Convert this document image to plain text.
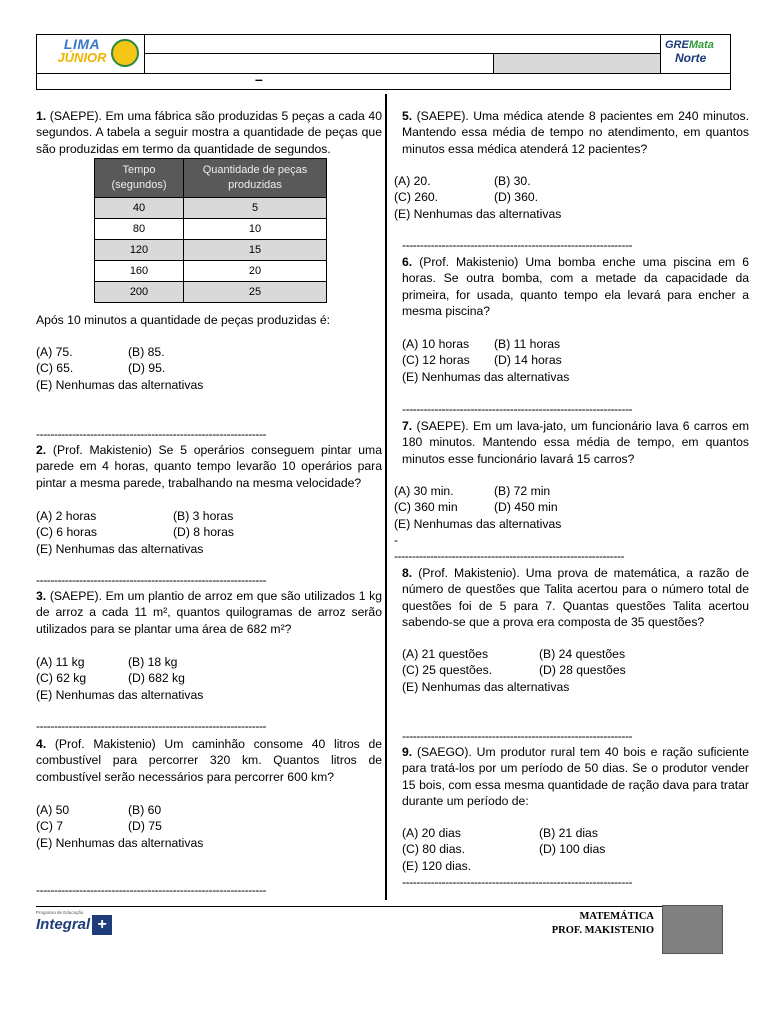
LIMA
JÚNIOR
GREMata
Norte
–

1. (SAEPE). Em uma fábrica são produzidas 5 peças a cada 40 segundos. A tabela a seguir mostra a quantidade de peças que são produzidas em termo da quantidade de segundos.

Tempo (segundos)	Quantidade de peças produzidas
40	5
80	10
120	15
160	20
200	25

Após 10 minutos a quantidade de peças produzidas é:

(A) 75.	(B) 85.
(C) 65.	(D) 95.
(E) Nenhumas das alternativas
----------------------------------------------------------------

2. (Prof. Makistenio) Se 5 operários conseguem pintar uma parede em 4 horas, quanto tempo levarão 10 operários para pintar a mesma parede, trabalhando na mesma velocidade?

(A) 2 horas	(B) 3 horas
(C) 6 horas	(D) 8 horas
(E) Nenhumas das alternativas
----------------------------------------------------------------

3. (SAEPE). Em um plantio de arroz em que são utilizados 1 kg de arroz a cada 11 m², quantos quilogramas de arroz serão utilizados para se plantar uma área de 682 m²?

(A) 11 kg	(B) 18 kg
(C) 62 kg	(D) 682 kg
(E) Nenhumas das alternativas
----------------------------------------------------------------

4. (Prof. Makistenio) Um caminhão consome 40 litros de combustível para percorrer 320 km. Quantos litros de combustível serão necessários para percorrer 600 km?

(A) 50	(B) 60
(C) 7	(D) 75
(E) Nenhumas das alternativas
----------------------------------------------------------------

5. (SAEPE). Uma médica atende 8 pacientes em 240 minutos. Mantendo essa média de tempo no atendimento, em quantos minutos essa médica atenderá 12 pacientes?

(A) 20.	(B) 30.
(C) 260.	(D) 360.
(E) Nenhumas das alternativas
----------------------------------------------------------------

6. (Prof. Makistenio) Uma bomba enche uma piscina em 6 horas. Se outra bomba, com a metade da capacidade da primeira, for usada, quanto tempo ela levará para encher a mesma piscina?

(A) 10 horas	(B) 11 horas
(C) 12 horas	(D) 14 horas
(E) Nenhumas das alternativas
----------------------------------------------------------------

7. (SAEPE). Em um lava-jato, um funcionário lava 6 carros em 180 minutos. Mantendo essa média de tempo, em quantos minutos esse funcionário lavará 15 carros?

(A) 30 min.	(B) 72 min
(C) 360 min	(D) 450 min
(E) Nenhumas das alternativas
-
----------------------------------------------------------------

8. (Prof. Makistenio). Uma prova de matemática, a razão de número de questões que Talita acertou para o número total de questões foi de 5 para 7. Quantas questões Talita acertou sabendo-se que a prova era composta de 35 questões?

(A) 21 questões	(B) 24 questões
(C) 25 questões.	(D) 28 questões
(E) Nenhumas das alternativas
----------------------------------------------------------------

9. (SAEGO). Um produtor rural tem 40 bois e ração suficiente para tratá-los por um período de 50 dias. Se o produtor vender 15 bois, com essa mesma quantidade de ração dava para tratar durante um período de:

(A) 20 dias	(B) 21 dias
(C) 80 dias.	(D) 100 dias
(E) 120 dias.
----------------------------------------------------------------
Programa de Educação
Integral +	MATEMÁTICA
PROF. MAKISTENIO
